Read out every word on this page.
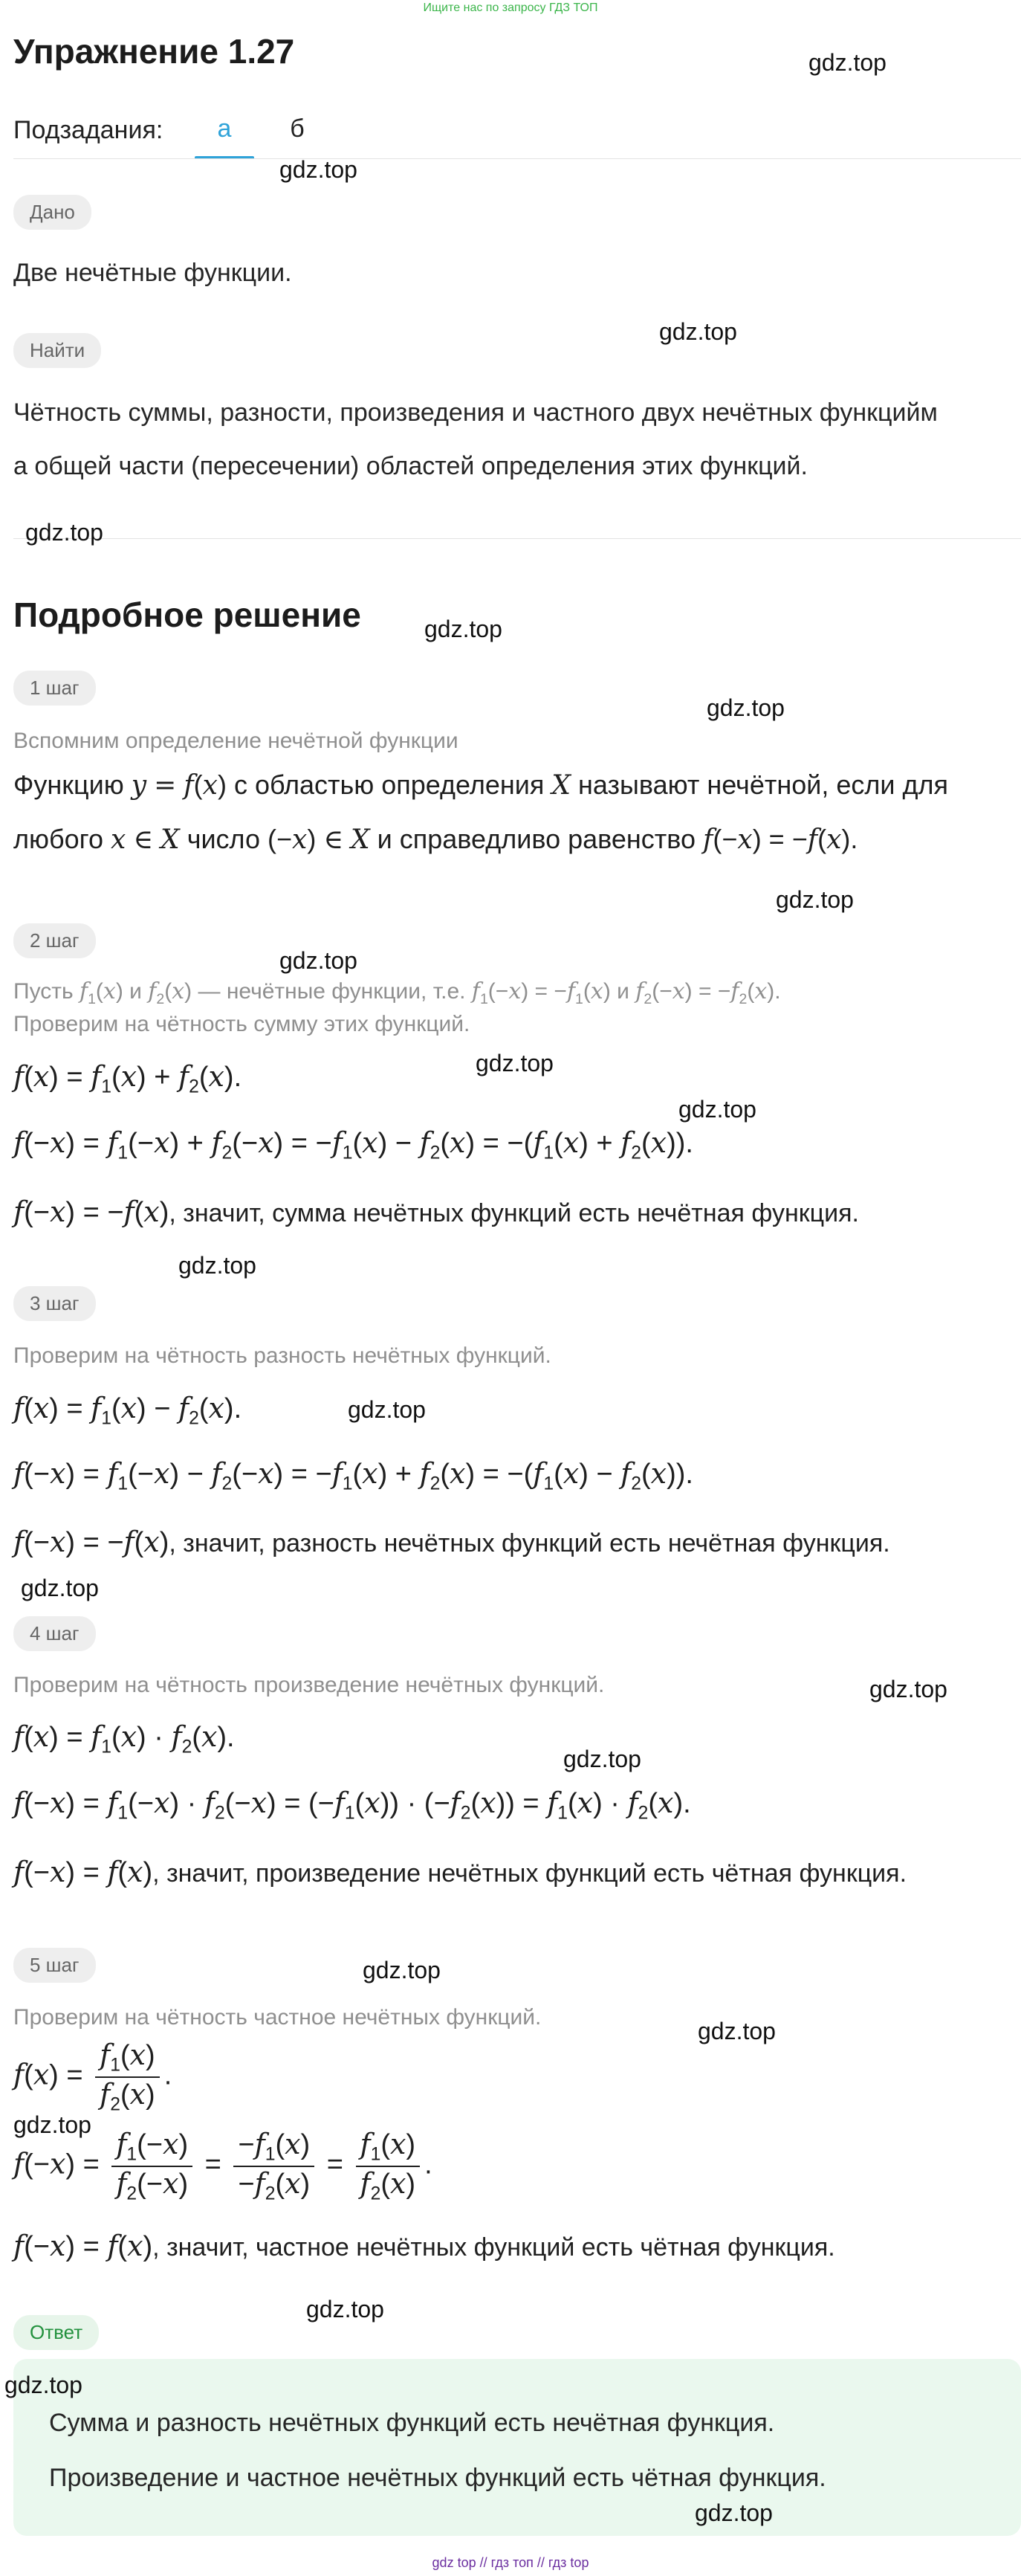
Ищите нас по запросу ГДЗ ТОП
Упражнение 1.27
Подзадания:	а	б
Дано
Две нечётные функции.
Найти
Чётность суммы, разности, произведения и частного двух нечётных функцийм
а общей части (пересечении) областей определения этих функций.
Подробное решение
1 шаг
Вспомним определение нечётной функции
Функцию y = f(x) с областью определения X называют нечётной, если для
любого x ∈ X число (−x) ∈ X и справедливо равенство f(−x) = −f(x).
2 шаг
Пусть $f_1(x)$ и $f_2(x)$ — нечётные функции, т.е. $f_1(-x) = -f_1(x)$ и $f_2(-x) = -f_2(x)$.
Проверим на чётность сумму этих функций.
$f(x) = f_1(x) + f_2(x)$.
$f(-x) = f_1(-x) + f_2(-x) = -f_1(x) - f_2(x) = -(f_1(x) + f_2(x))$.
f(−x) = −f(x), значит, сумма нечётных функций есть нечётная функция.
3 шаг
Проверим на чётность разность нечётных функций.
$f(x) = f_1(x) - f_2(x)$.
$f(-x) = f_1(-x) - f_2(-x) = -f_1(x) + f_2(x) = -(f_1(x) - f_2(x))$.
f(−x) = −f(x), значит, разность нечётных функций есть нечётная функция.
4 шаг
Проверим на чётность произведение нечётных функций.
$f(x) = f_1(x) \cdot f_2(x)$.
$f(-x) = f_1(-x) \cdot f_2(-x) = (-f_1(x)) \cdot (-f_2(x)) = f_1(x) \cdot f_2(x)$.
f(−x) = f(x), значит, произведение нечётных функций есть чётная функция.
5 шаг
Проверим на чётность частное нечётных функций.
$f(x) = \frac{f_1(x)}{f_2(x)}$ .
$f(-x) = \frac{f_1(-x)}{f_2(-x)} = \frac{-f_1(x)}{-f_2(x)} = \frac{f_1(x)}{f_2(x)}$ .
f(−x) = f(x), значит, частное нечётных функций есть чётная функция.
Ответ
Сумма и разность нечётных функций есть нечётная функция.
Произведение и частное нечётных функций есть чётная функция.
gdz.top
gdz.top
gdz.top
gdz.top
gdz.top
gdz.top
gdz.top
gdz.top
gdz.top
gdz.top
gdz.top
gdz.top
gdz.top
gdz.top
gdz.top
gdz.top
gdz.top
gdz.top
gdz.top
gdz.top
gdz.top
gdz top // гдз топ // гдз top
